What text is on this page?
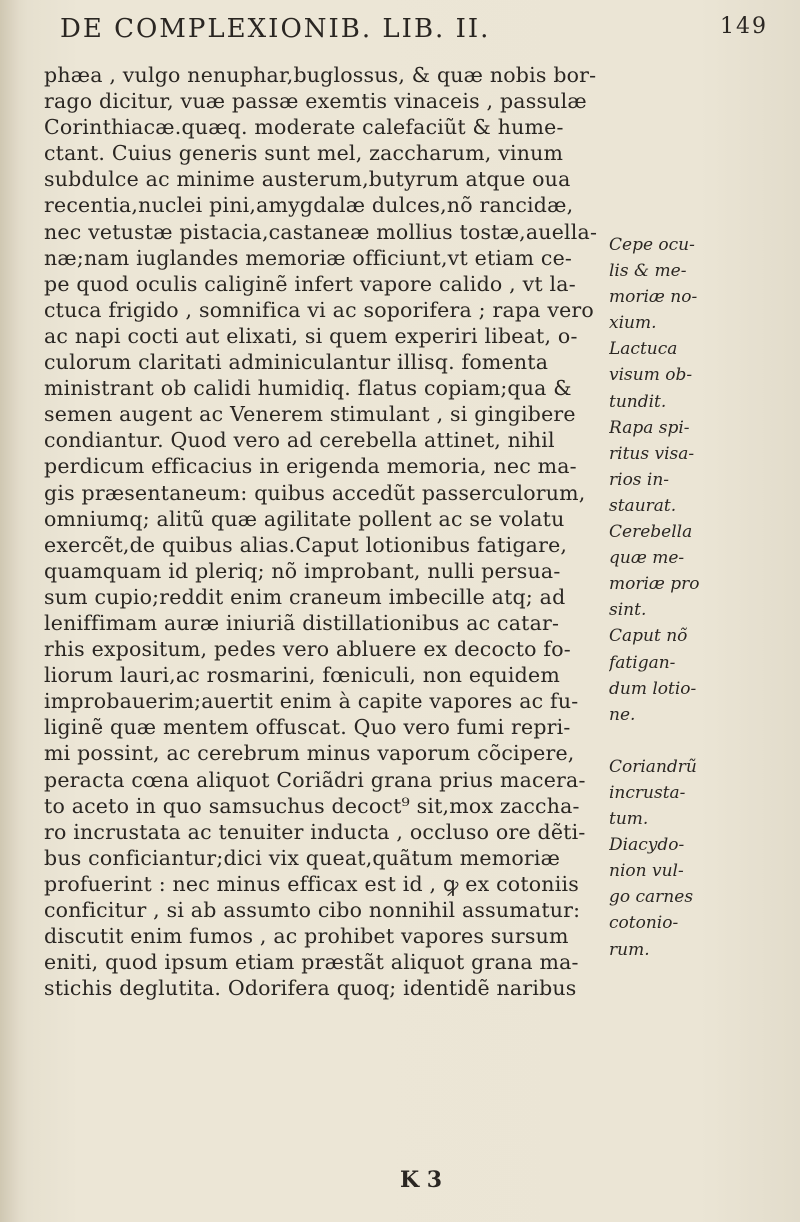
DE COMPLEXIONIB. LIB. II.	149
phæa , vulgo nenuphar,buglossus, & quæ nobis bor-
rago dicitur, vuæ passæ exemtis vinaceis , passulæ
Corinthiacæ.quæq. moderate calefaciũt & hume-
ctant. Cuius generis sunt mel, zaccharum, vinum
subdulce ac minime austerum,butyrum atque oua
recentia,nuclei pini,amygdalæ dulces,nõ rancidæ,
nec vetustæ pistacia,castaneæ mollius tostæ,auella-
næ;nam iuglandes memoriæ officiunt,vt etiam ce-
pe quod oculis caliginẽ infert vapore calido , vt la-
ctuca frigido , somnifica vi ac soporifera ; rapa vero
ac napi cocti aut elixati, si quem experiri libeat, o-
culorum claritati adminiculantur illisq. fomenta
ministrant ob calidi humidiq. flatus copiam;qua &
semen augent ac Venerem stimulant , si gingibere
condiantur. Quod vero ad cerebella attinet, nihil
perdicum efficacius in erigenda memoria, nec ma-
gis præsentaneum: quibus accedũt passerculorum,
omniumq; alitũ quæ agilitate pollent ac se volatu
exercẽt,de quibus alias.Caput lotionibus fatigare,
quamquam id pleriq; nõ improbant, nulli persua-
sum cupio;reddit enim craneum imbecille atq; ad
leniffimam auræ iniuriã distillationibus ac catar-
rhis expositum, pedes vero abluere ex decocto fo-
liorum lauri,ac rosmarini, fœniculi, non equidem
improbauerim;auertit enim à capite vapores ac fu-
liginẽ quæ mentem offuscat. Quo vero fumi repri-
mi possint, ac cerebrum minus vaporum cõcipere,
peracta cœna aliquot Coriãdri grana prius macera-
to aceto in quo samsuchus decoct⁹ sit,mox zaccha-
ro incrustata ac tenuiter inducta , occluso ore dẽti-
bus conficiantur;dici vix queat,quãtum memoriæ
profuerint : nec minus efficax est id , ꝙ ex cotoniis
conficitur , si ab assumto cibo nonnihil assumatur:
discutit enim fumos , ac prohibet vapores sursum
eniti, quod ipsum etiam præstãt aliquot grana ma-
stichis deglutita. Odorifera quoq; identidẽ naribus
Cepe ocu-
lis & me-
moriæ no-
xium.
Lactuca
visum ob-
tundit.
Rapa spi-
ritus visa-
rios in-
staurat.
Cerebella
quæ me-
moriæ pro
sint.
Caput nõ
fatigan-
dum lotio-
ne.
Coriandrũ
incrusta-
tum.
Diacydo-
nion vul-
go carnes
cotonio-
rum.
K 3
